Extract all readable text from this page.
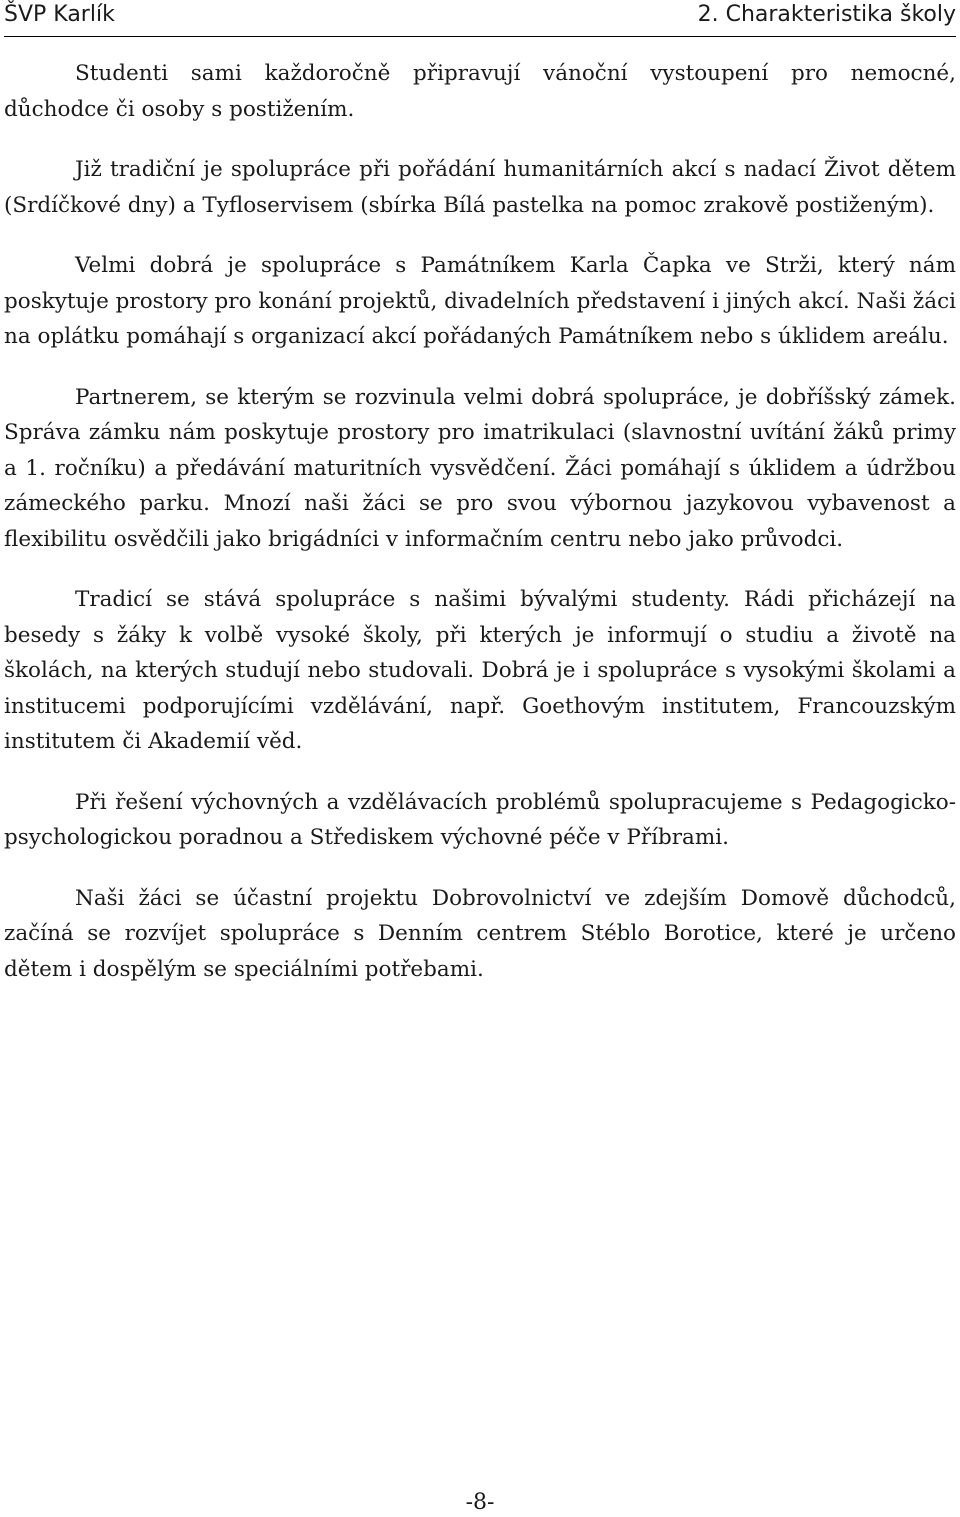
ŠVP Karlík	2. Charakteristika školy

Studenti sami každoročně připravují vánoční vystoupení pro nemocné, důchodce či osoby s postižením.

Již tradiční je spolupráce při pořádání humanitárních akcí s nadací Život dětem (Srdíčkové dny) a Tyfloservisem (sbírka Bílá pastelka na pomoc zrakově postiženým).

Velmi dobrá je spolupráce s Památníkem Karla Čapka ve Strži, který nám poskytuje prostory pro konání projektů, divadelních představení i jiných akcí. Naši žáci na oplátku pomáhají s organizací akcí pořádaných Památníkem nebo s úklidem areálu.

Partnerem, se kterým se rozvinula velmi dobrá spolupráce, je dobříšský zámek. Správa zámku nám poskytuje prostory pro imatrikulaci (slavnostní uvítání žáků primy a 1. ročníku) a předávání maturitních vysvědčení. Žáci pomáhají s úklidem a údržbou zámeckého parku. Mnozí naši žáci se pro svou výbornou jazykovou vybavenost a flexibilitu osvědčili jako brigádníci v informačním centru nebo jako průvodci.

Tradicí se stává spolupráce s našimi bývalými studenty. Rádi přicházejí na besedy s žáky k volbě vysoké školy, při kterých je informují o studiu a životě na školách, na kterých studují nebo studovali. Dobrá je i spolupráce s vysokými školami a institucemi podporujícími vzdělávání, např. Goethovým institutem, Francouzským institutem či Akademií věd.

Při řešení výchovných a vzdělávacích problémů spolupracujeme s Pedagogicko-psychologickou poradnou a Střediskem výchovné péče v Příbrami.

Naši žáci se účastní projektu Dobrovolnictví ve zdejším Domově důchodců, začíná se rozvíjet spolupráce s Denním centrem Stéblo Borotice, které je určeno dětem i dospělým se speciálními potřebami.

-8-
